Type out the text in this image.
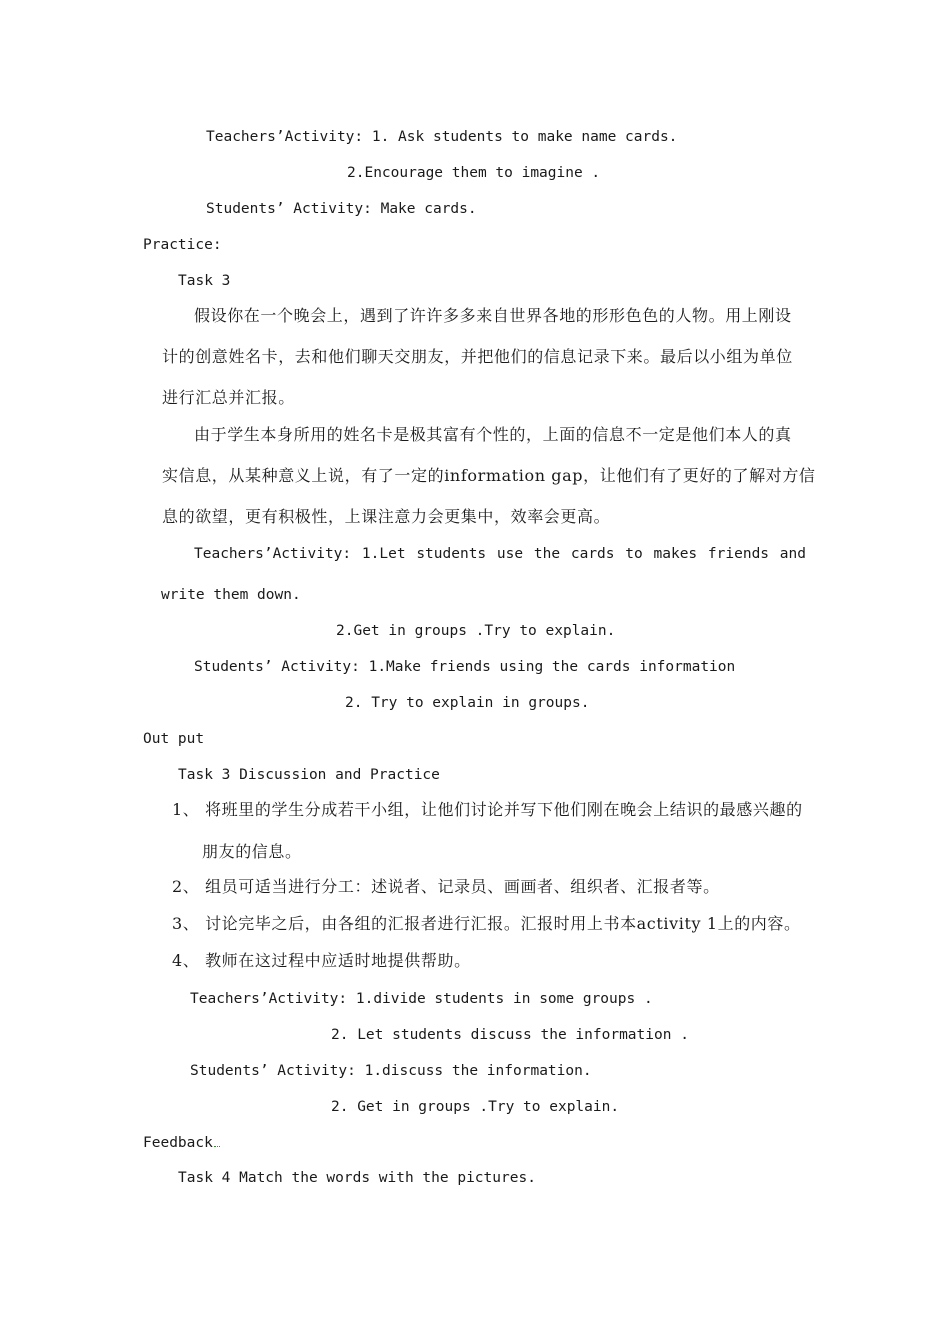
Teachers’Activity: 1. Ask students to make name cards.
2.Encourage them to imagine .
Students’ Activity: Make cards.
Practice:
Task 3
假设你在一个晚会上，遇到了许许多多来自世界各地的形形色色的人物。用上刚设
计的创意姓名卡，去和他们聊天交朋友，并把他们的信息记录下来。最后以小组为单位
进行汇总并汇报。
由于学生本身所用的姓名卡是极其富有个性的，上面的信息不一定是他们本人的真
实信息，从某种意义上说，有了一定的information gap，让他们有了更好的了解对方信
息的欲望，更有积极性，上课注意力会更集中，效率会更高。
Teachers’Activity: 1.Let students use the cards to makes friends and
write them down.
2.Get in groups .Try to explain.
Students’ Activity: 1.Make friends using the cards information
2. Try to explain in groups.
Out put
Task 3 Discussion and Practice
1、 将班里的学生分成若干小组，让他们讨论并写下他们刚在晚会上结识的最感兴趣的
朋友的信息。
2、 组员可适当进行分工：述说者、记录员、画画者、组织者、汇报者等。
3、 讨论完毕之后，由各组的汇报者进行汇报。汇报时用上书本activity 1上的内容。
4、 教师在这过程中应适时地提供帮助。
Teachers’Activity: 1.divide students in some groups .
2. Let students discuss the information .
Students’ Activity: 1.discuss the information.
2. Get in groups .Try to explain.
Feedback
Task 4 Match the words with the pictures.
